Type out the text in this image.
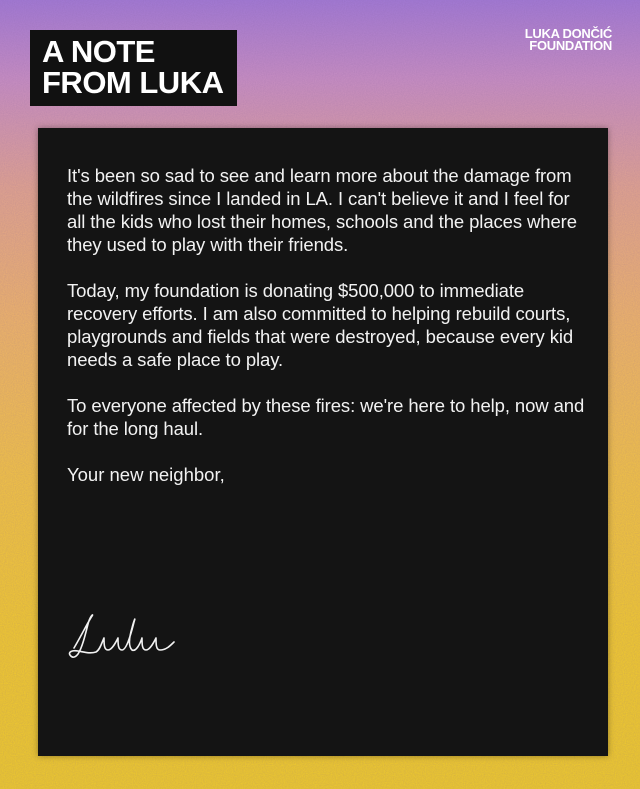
A NOTE
FROM LUKA
LUKA DONČIĆ
FOUNDATION

It's been so sad to see and learn more about the damage from the wildfires since I landed in LA. I can't believe it and I feel for all the kids who lost their homes, schools and the places where they used to play with their friends.

Today, my foundation is donating $500,000 to immediate recovery efforts. I am also committed to helping rebuild courts, playgrounds and fields that were destroyed, because every kid needs a safe place to play.

To everyone affected by these fires: we're here to help, now and for the long haul.

Your new neighbor,
